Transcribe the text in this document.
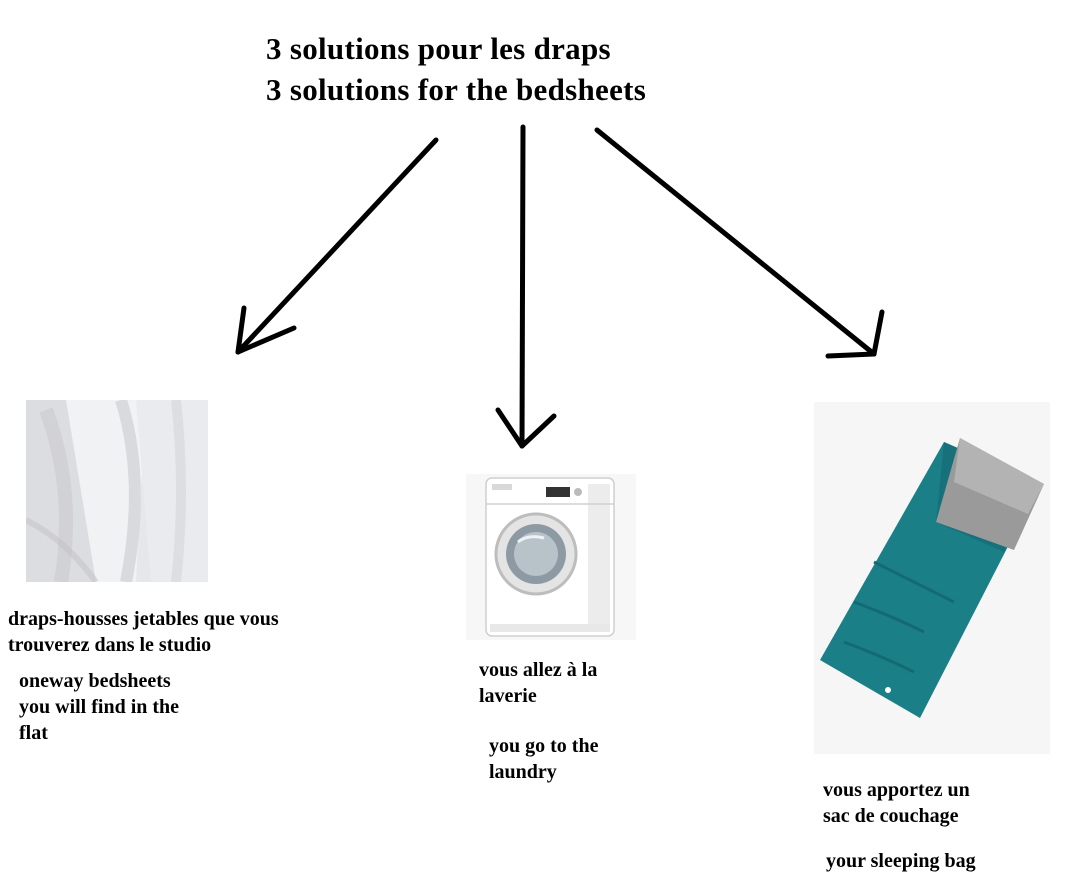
3 solutions pour les draps
3 solutions for the bedsheets
draps-housses jetables que vous
trouverez dans le studio
oneway bedsheets
you will find in the
flat
vous allez à la
laverie
you go to the
laundry
vous apportez un
sac de couchage
your sleeping bag
